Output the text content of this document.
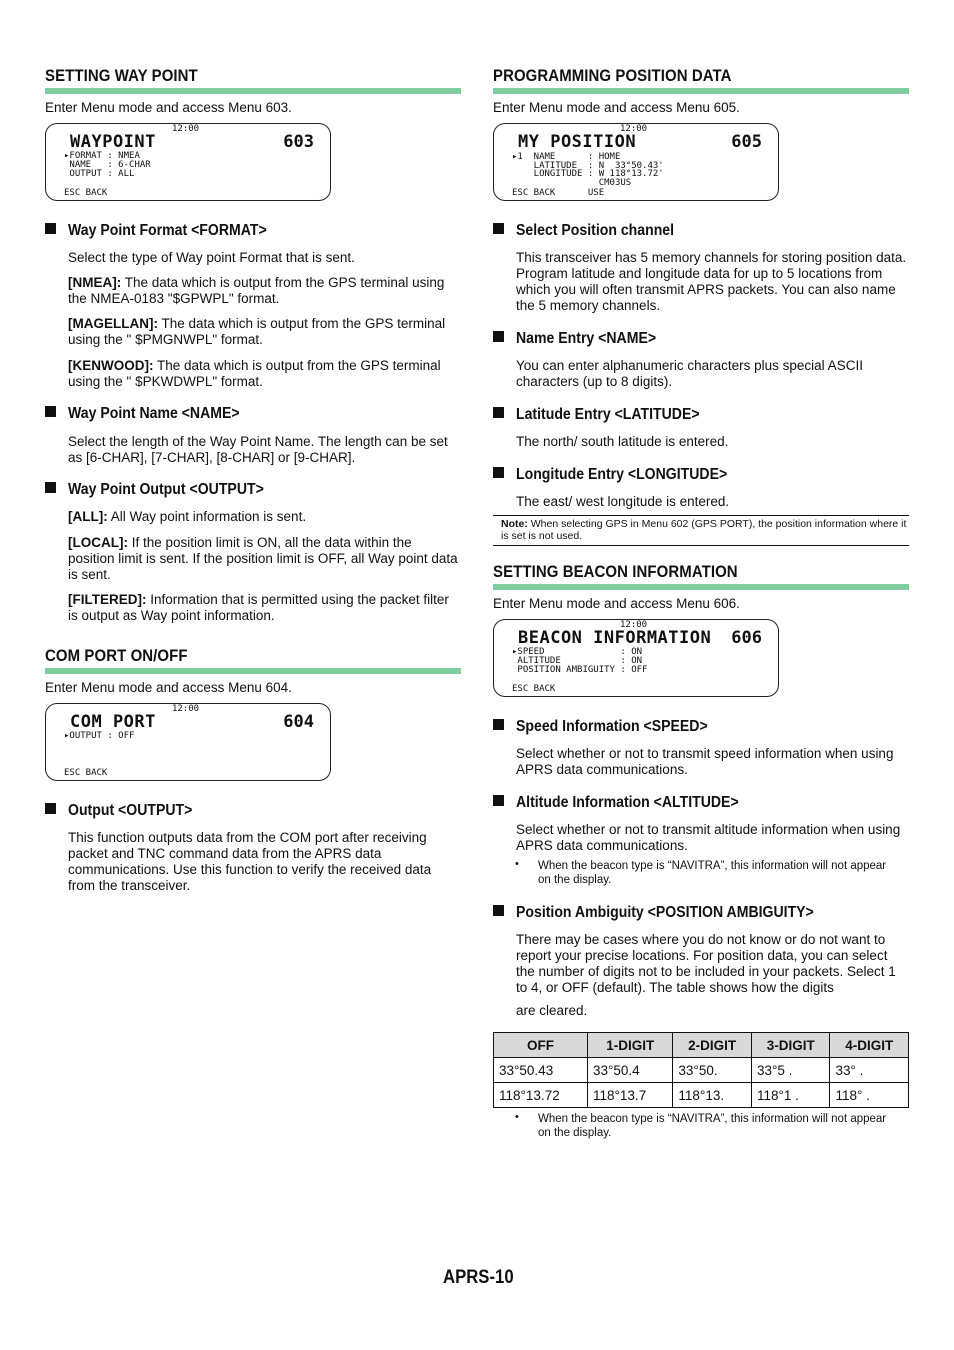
SETTING WAY POINT
Enter Menu mode and access Menu 603.
12:00
WAYPOINT	603
▸FORMAT : NMEA
NAME   : 6-CHAR
OUTPUT : ALL
ESC BACK
Way Point Format <FORMAT>
Select the type of Way point Format that is sent.
[NMEA]: The data which is output from the GPS terminal using the NMEA-0183 "$GPWPL" format.
[MAGELLAN]: The data which is output from the GPS terminal using the " $PMGNWPL" format.
[KENWOOD]: The data which is output from the GPS terminal using the " $PKWDWPL" format.
Way Point Name <NAME>
Select the length of the Way Point Name. The length can be set as [6-CHAR], [7-CHAR], [8-CHAR] or [9-CHAR].
Way Point Output <OUTPUT>
[ALL]: All Way point information is sent.
[LOCAL]: If the position limit is ON, all the data within the position limit is sent. If the position limit is OFF, all Way point data is sent.
[FILTERED]: Information that is permitted using the packet filter is output as Way point information.
COM PORT ON/OFF
Enter Menu mode and access Menu 604.
12:00
COM PORT	604
▸OUTPUT : OFF
ESC BACK
Output <OUTPUT>
This function outputs data from the COM port after receiving packet and TNC command data from the APRS data communications. Use this function to verify the received data from the transceiver.
PROGRAMMING POSITION DATA
Enter Menu mode and access Menu 605.
12:00
MY POSITION	605
▸1  NAME      : HOME
LATITUDE  : N  33°50.43'
LONGITUDE : W 118°13.72'
CM03US
ESC BACK      USE
Select Position channel
This transceiver has 5 memory channels for storing position data. Program latitude and longitude data for up to 5 locations from which you will often transmit APRS packets. You can also name the 5 memory channels.
Name Entry <NAME>
You can enter alphanumeric characters plus special ASCII characters (up to 8 digits).
Latitude Entry <LATITUDE>
The north/ south latitude is entered.
Longitude Entry <LONGITUDE>
The east/ west longitude is entered.
Note: When selecting GPS in Menu 602 (GPS PORT), the position information where it is set is not used.
SETTING BEACON INFORMATION
Enter Menu mode and access Menu 606.
12:00
BEACON INFORMATION 606
▸SPEED              : ON
ALTITUDE           : ON
POSITION AMBIGUITY : OFF
ESC BACK
Speed Information <SPEED>
Select whether or not to transmit speed information when using APRS data communications.
Altitude Information <ALTITUDE>
Select whether or not to transmit altitude information when using APRS data communications.
• When the beacon type is “NAVITRA”, this information will not appear on the display.
Position Ambiguity <POSITION AMBIGUITY>
There may be cases where you do not know or do not want to report your precise locations. For position data, you can select the number of digits not to be included in your packets. Select 1 to 4, or OFF (default). The table shows how the digits
are cleared.
OFF	1-DIGIT	2-DIGIT	3-DIGIT	4-DIGIT
33°50.43	33°50.4	33°50.	33°5 .	33° .
118°13.72	118°13.7	118°13.	118°1 .	118° .
• When the beacon type is “NAVITRA”, this information will not appear on the display.
APRS-10
